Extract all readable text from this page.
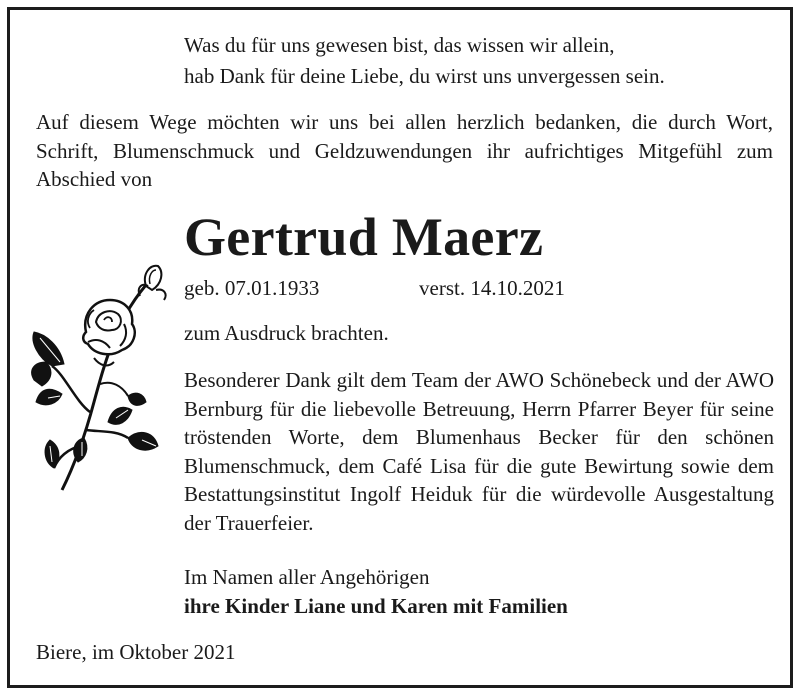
Was du für uns gewesen bist, das wissen wir allein,
hab Dank für deine Liebe, du wirst uns unvergessen sein.
Auf diesem Wege möchten wir uns bei allen herzlich bedanken, die durch Wort, Schrift, Blumenschmuck und Geldzuwendungen ihr aufrichtiges Mitgefühl zum Abschied von
Gertrud Maerz
geb. 07.01.1933	verst. 14.10.2021
zum Ausdruck brachten.
Besonderer Dank gilt dem Team der AWO Schönebeck und der AWO Bernburg für die liebevolle Betreuung, Herrn Pfarrer Beyer für seine tröstenden Worte, dem Blumenhaus Becker für den schönen Blumenschmuck, dem Café Lisa für die gute Bewirtung sowie dem Bestattungsinstitut Ingolf Heiduk für die würdevolle Ausgestaltung der Trauerfeier.
Im Namen aller Angehörigen
ihre Kinder Liane und Karen mit Familien
Biere, im Oktober 2021
